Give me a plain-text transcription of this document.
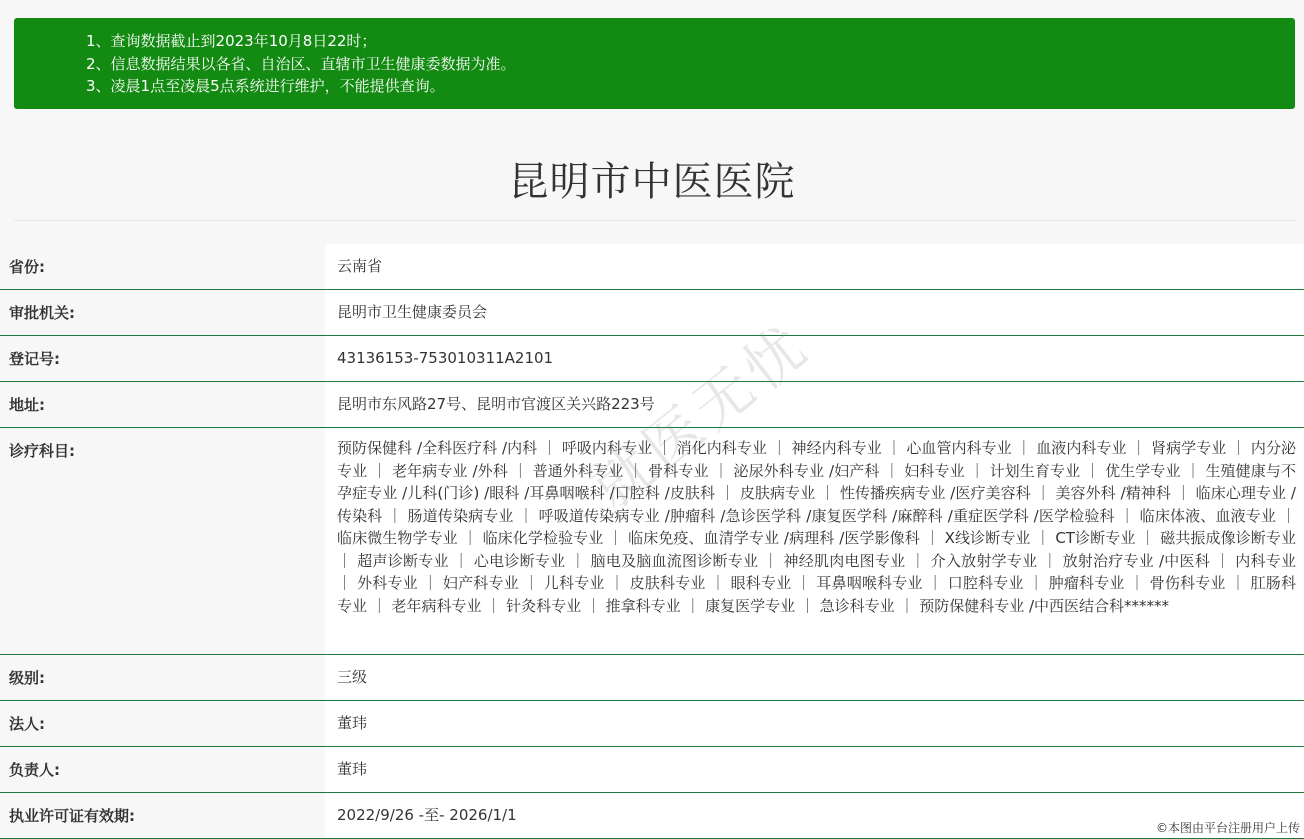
1、查询数据截止到2023年10月8日22时；
2、信息数据结果以各省、自治区、直辖市卫生健康委数据为准。
3、凌晨1点至凌晨5点系统进行维护，不能提供查询。
昆明市中医医院
省份:	云南省
审批机关:	昆明市卫生健康委员会
登记号:	43136153-753010311A2101
地址:	昆明市东风路27号、昆明市官渡区关兴路223号
诊疗科目:	预防保健科 /全科医疗科 /内科 ｜ 呼吸内科专业 ｜ 消化内科专业 ｜ 神经内科专业 ｜ 心血管内科专业 ｜ 血液内科专业 ｜ 肾病学专业 ｜ 内分泌专业 ｜ 老年病专业 /外科 ｜ 普通外科专业 ｜ 骨科专业 ｜ 泌尿外科专业 /妇产科 ｜ 妇科专业 ｜ 计划生育专业 ｜ 优生学专业 ｜ 生殖健康与不孕症专业 /儿科(门诊) /眼科 /耳鼻咽喉科 /口腔科 /皮肤科 ｜ 皮肤病专业 ｜ 性传播疾病专业 /医疗美容科 ｜ 美容外科 /精神科 ｜ 临床心理专业 /传染科 ｜ 肠道传染病专业 ｜ 呼吸道传染病专业 /肿瘤科 /急诊医学科 /康复医学科 /麻醉科 /重症医学科 /医学检验科 ｜ 临床体液、血液专业 ｜ 临床微生物学专业 ｜ 临床化学检验专业 ｜ 临床免疫、血清学专业 /病理科 /医学影像科 ｜ X线诊断专业 ｜ CT诊断专业 ｜ 磁共振成像诊断专业 ｜ 超声诊断专业 ｜ 心电诊断专业 ｜ 脑电及脑血流图诊断专业 ｜ 神经肌肉电图专业 ｜ 介入放射学专业 ｜ 放射治疗专业 /中医科 ｜ 内科专业 ｜ 外科专业 ｜ 妇产科专业 ｜ 儿科专业 ｜ 皮肤科专业 ｜ 眼科专业 ｜ 耳鼻咽喉科专业 ｜ 口腔科专业 ｜ 肿瘤科专业 ｜ 骨伤科专业 ｜ 肛肠科专业 ｜ 老年病科专业 ｜ 针灸科专业 ｜ 推拿科专业 ｜ 康复医学专业 ｜ 急诊科专业 ｜ 预防保健科专业 /中西医结合科******
级别:	三级
法人:	董玮
负责人:	董玮
执业许可证有效期:	2022/9/26 -至- 2026/1/1
©本图由平台注册用户上传
